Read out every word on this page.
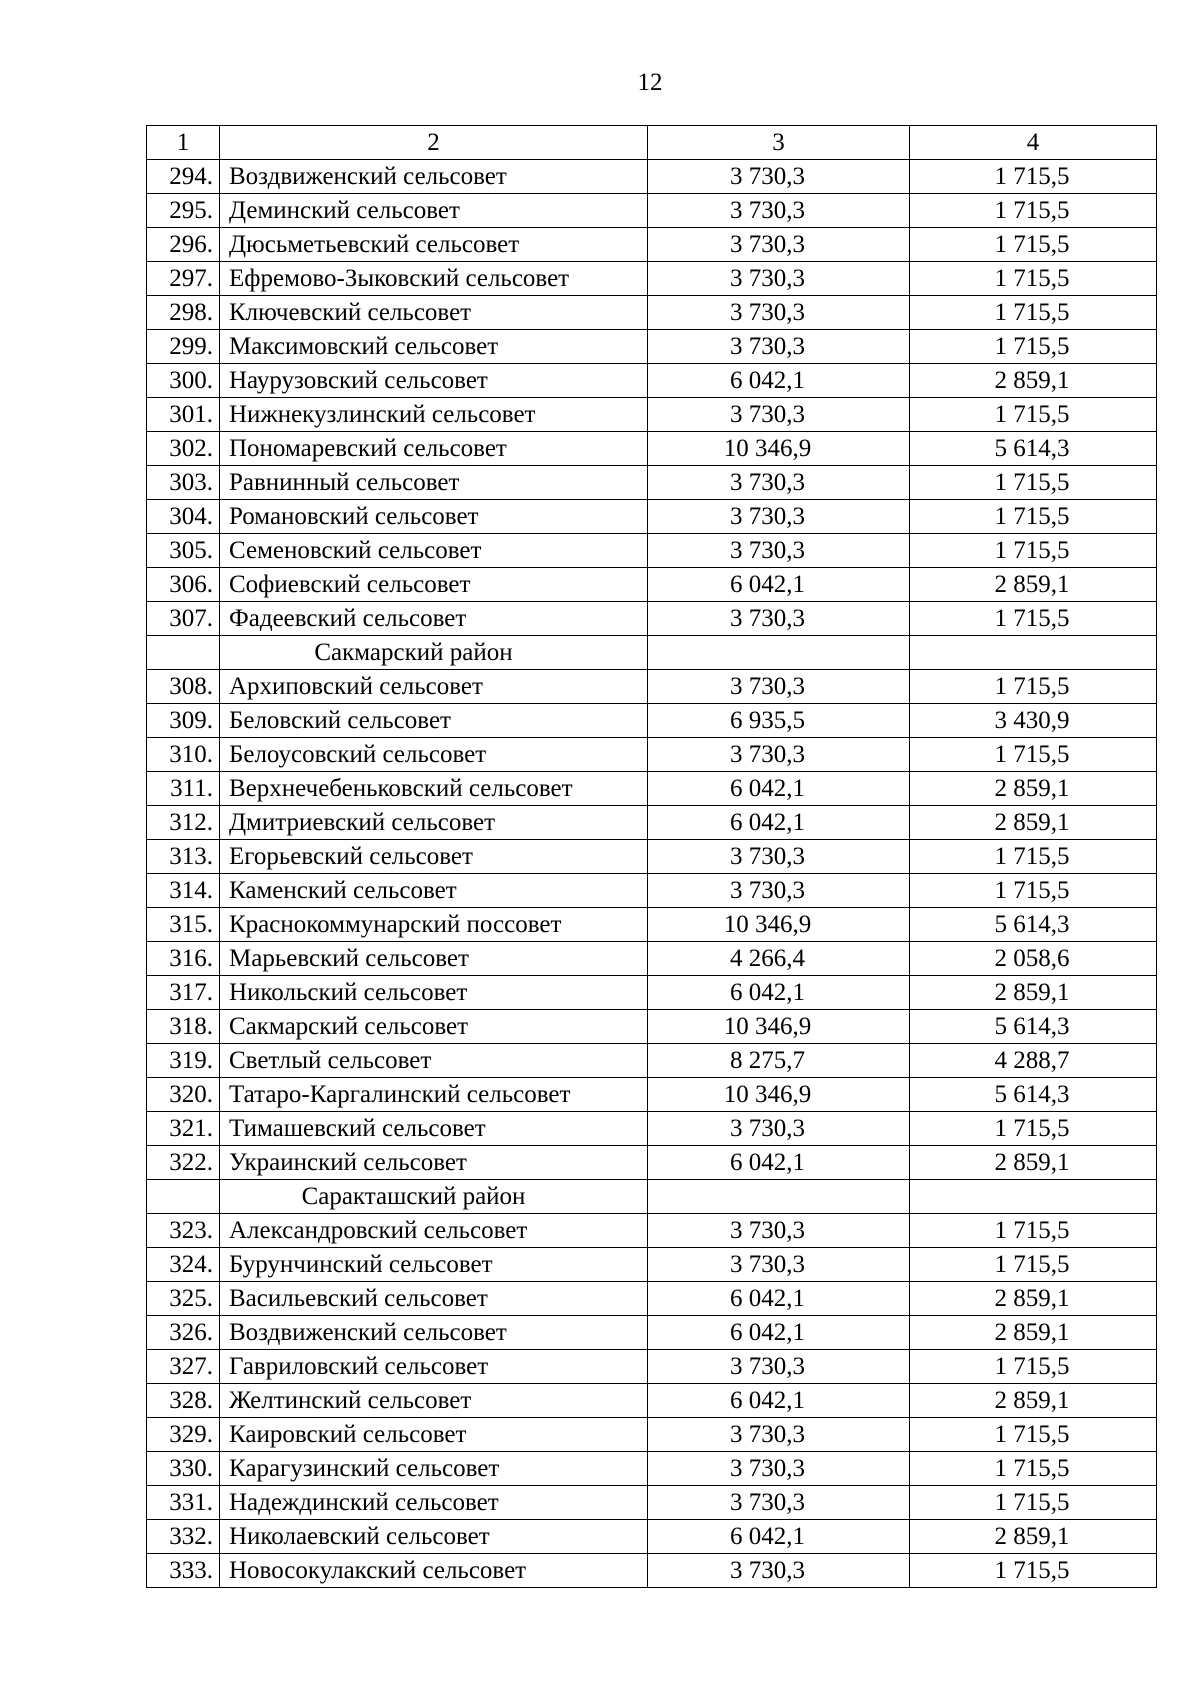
12
1	2	3	4
294.	Воздвиженский сельсовет	3 730,3	1 715,5
295.	Деминский сельсовет	3 730,3	1 715,5
296.	Дюсьметьевский сельсовет	3 730,3	1 715,5
297.	Ефремово-Зыковский сельсовет	3 730,3	1 715,5
298.	Ключевский сельсовет	3 730,3	1 715,5
299.	Максимовский сельсовет	3 730,3	1 715,5
300.	Наурузовский сельсовет	6 042,1	2 859,1
301.	Нижнекузлинский сельсовет	3 730,3	1 715,5
302.	Пономаревский сельсовет	10 346,9	5 614,3
303.	Равнинный сельсовет	3 730,3	1 715,5
304.	Романовский сельсовет	3 730,3	1 715,5
305.	Семеновский сельсовет	3 730,3	1 715,5
306.	Софиевский сельсовет	6 042,1	2 859,1
307.	Фадеевский сельсовет	3 730,3	1 715,5
	Сакмарский район		
308.	Архиповский сельсовет	3 730,3	1 715,5
309.	Беловский сельсовет	6 935,5	3 430,9
310.	Белоусовский сельсовет	3 730,3	1 715,5
311.	Верхнечебеньковский сельсовет	6 042,1	2 859,1
312.	Дмитриевский сельсовет	6 042,1	2 859,1
313.	Егорьевский сельсовет	3 730,3	1 715,5
314.	Каменский сельсовет	3 730,3	1 715,5
315.	Краснокоммунарский поссовет	10 346,9	5 614,3
316.	Марьевский сельсовет	4 266,4	2 058,6
317.	Никольский сельсовет	6 042,1	2 859,1
318.	Сакмарский сельсовет	10 346,9	5 614,3
319.	Светлый сельсовет	8 275,7	4 288,7
320.	Татаро-Каргалинский сельсовет	10 346,9	5 614,3
321.	Тимашевский сельсовет	3 730,3	1 715,5
322.	Украинский сельсовет	6 042,1	2 859,1
	Саракташский район		
323.	Александровский сельсовет	3 730,3	1 715,5
324.	Бурунчинский сельсовет	3 730,3	1 715,5
325.	Васильевский сельсовет	6 042,1	2 859,1
326.	Воздвиженский сельсовет	6 042,1	2 859,1
327.	Гавриловский сельсовет	3 730,3	1 715,5
328.	Желтинский сельсовет	6 042,1	2 859,1
329.	Каировский сельсовет	3 730,3	1 715,5
330.	Карагузинский сельсовет	3 730,3	1 715,5
331.	Надеждинский сельсовет	3 730,3	1 715,5
332.	Николаевский сельсовет	6 042,1	2 859,1
333.	Новосокулакский сельсовет	3 730,3	1 715,5
